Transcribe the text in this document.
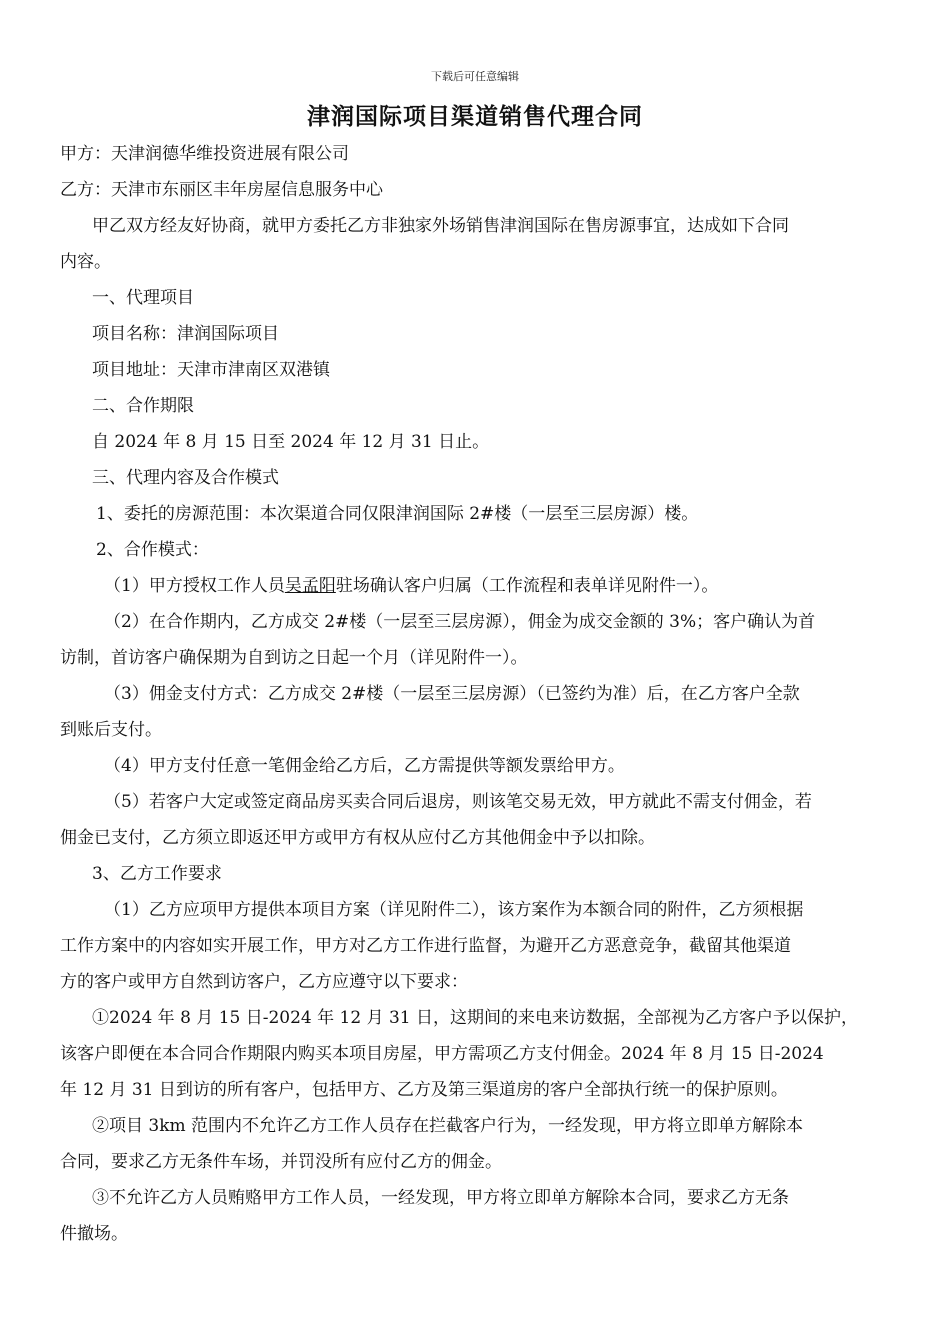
下载后可任意编辑
津润国际项目渠道销售代理合同
甲方：天津润德华维投资进展有限公司
乙方：天津市东丽区丰年房屋信息服务中心
甲乙双方经友好协商，就甲方委托乙方非独家外场销售津润国际在售房源事宜，达成如下合同
内容。
一、代理项目
项目名称：津润国际项目
项目地址：天津市津南区双港镇
二、合作期限
自 2024 年 8 月 15 日至 2024 年 12 月 31 日止。
三、代理内容及合作模式
1、委托的房源范围：本次渠道合同仅限津润国际 2#楼（一层至三层房源）楼。
2、合作模式：
（1）甲方授权工作人员吴孟阳驻场确认客户归属（工作流程和表单详见附件一）。
（2）在合作期内，乙方成交 2#楼（一层至三层房源），佣金为成交金额的 3%；客户确认为首
访制，首访客户确保期为自到访之日起一个月（详见附件一）。
（3）佣金支付方式：乙方成交 2#楼（一层至三层房源）（已签约为准）后，在乙方客户全款
到账后支付。
（4）甲方支付任意一笔佣金给乙方后，乙方需提供等额发票给甲方。
（5）若客户大定或签定商品房买卖合同后退房，则该笔交易无效，甲方就此不需支付佣金，若
佣金已支付，乙方须立即返还甲方或甲方有权从应付乙方其他佣金中予以扣除。
3、乙方工作要求
（1）乙方应项甲方提供本项目方案（详见附件二），该方案作为本额合同的附件，乙方须根据
工作方案中的内容如实开展工作，甲方对乙方工作进行监督，为避开乙方恶意竞争，截留其他渠道
方的客户或甲方自然到访客户，乙方应遵守以下要求：
①2024 年 8 月 15 日-2024 年 12 月 31 日，这期间的来电来访数据，全部视为乙方客户予以保护，
该客户即便在本合同合作期限内购买本项目房屋，甲方需项乙方支付佣金。2024 年 8 月 15 日-2024
年 12 月 31 日到访的所有客户，包括甲方、乙方及第三渠道房的客户全部执行统一的保护原则。
②项目 3km 范围内不允许乙方工作人员存在拦截客户行为，一经发现，甲方将立即单方解除本
合同，要求乙方无条件车场，并罚没所有应付乙方的佣金。
③不允许乙方人员贿赂甲方工作人员，一经发现，甲方将立即单方解除本合同，要求乙方无条
件撤场。
